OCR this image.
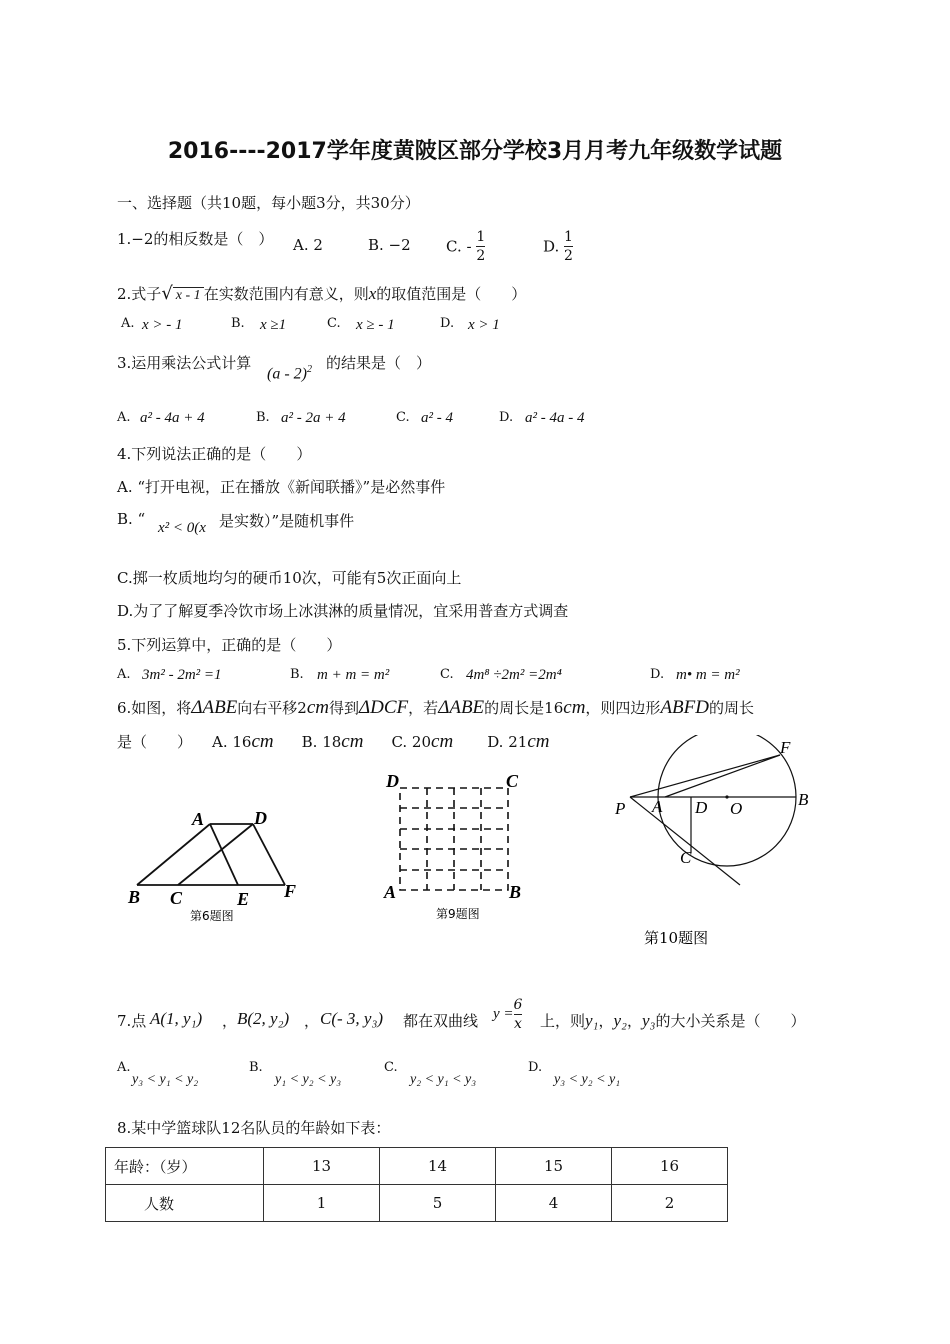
2016----2017学年度黄陂区部分学校3月月考九年级数学试题
一、选择题（共10题，每小题3分，共30分）
1.−2的相反数是（　） A. 2	B. −2 C. - $\frac{1}{2}$	D. $\frac{1}{2}$
2.式子√ x - 1 在实数范围内有意义，则x的取值范围是（　　）
A. x > - 1	B. x ≥1	C. x ≥ - 1	D. x > 1
3.运用乘法公式计算
(a - 2)$^2$ 的结果是（　）
A. a² - 4a + 4	B. a² - 2a + 4	C. a² - 4	D. a² - 4a - 4
4.下列说法正确的是（　　）
A. “打开电视，正在播放《新闻联播》”是必然事件
B. “ x² < 0(x 是实数）”是随机事件
C.掷一枚质地均匀的硬币10次，可能有5次正面向上
D.为了了解夏季冷饮市场上冰淇淋的质量情况，宜采用普查方式调查
5.下列运算中，正确的是（　　）
A. 3m² - 2m² =1	B. m + m = m²	C. 4m⁸ ÷2m² =2m⁴	D. m• m = m²
6.如图，将ΔABE向右平移2cm得到ΔDCF，若ΔABE的周长是16cm，则四边形ABFD的周长
是（　　） A. 16cm B. 18cm C. 20cm D. 21cm
A	D
B C	E F
第6题图
D	C
A	B
第9题图
F
P A D O	B
C
第10题图
7.点 A(1, y₁) ， B(2, y₂) ， C(- 3, y₃) 都在双曲线 $y = \frac{6}{x}$ 上，则y₁，y₂，y₃的大小关系是（　　）
A.
y₃ < y₁ < y₂
B.
y₁ < y₂ < y₃
C.
y₂ < y₁ < y₃
D.
y₃ < y₂ < y₁
8.某中学篮球队12名队员的年龄如下表：
年龄：（岁）	13	14	15	16
人数	1	5	4	2
